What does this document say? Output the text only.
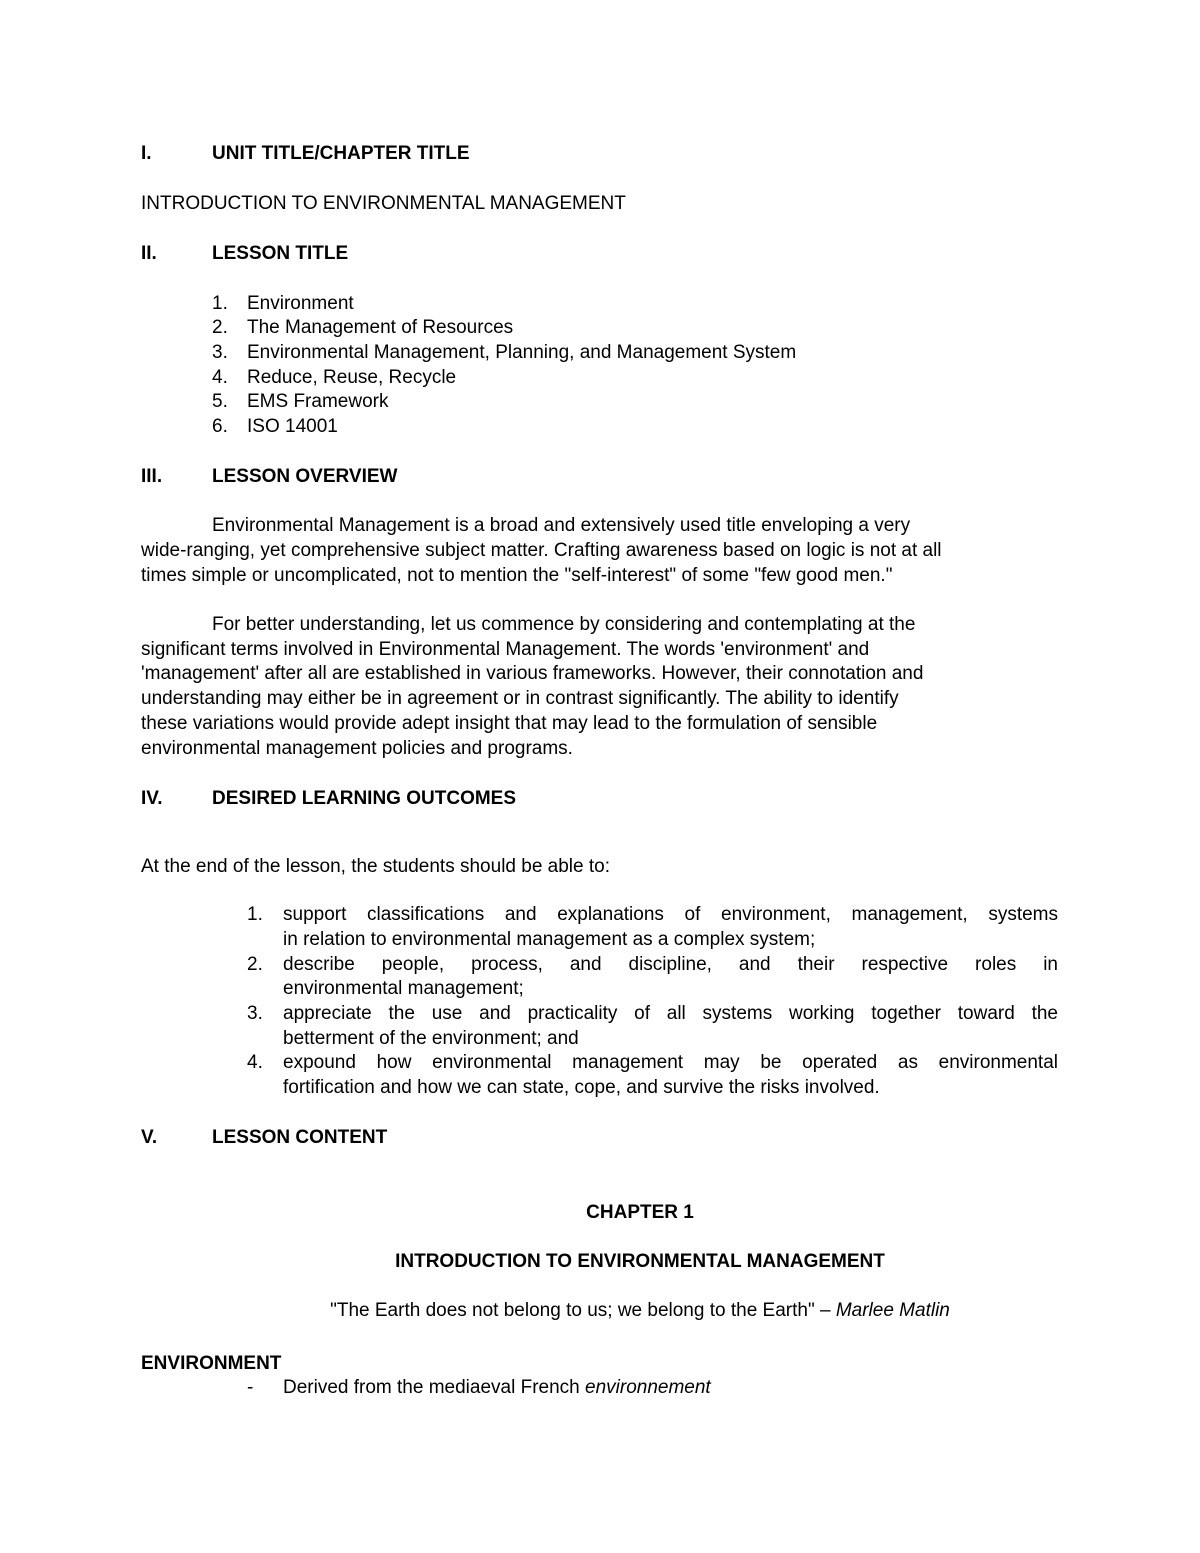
I.	UNIT TITLE/CHAPTER TITLE
INTRODUCTION TO ENVIRONMENTAL MANAGEMENT
II.	LESSON TITLE
1. Environment
2. The Management of Resources
3. Environmental Management, Planning, and Management System
4. Reduce, Reuse, Recycle
5. EMS Framework
6. ISO 14001
III.	LESSON OVERVIEW
Environmental Management is a broad and extensively used title enveloping a very
wide-ranging, yet comprehensive subject matter. Crafting awareness based on logic is not at all
times simple or uncomplicated, not to mention the "self-interest" of some "few good men."
For better understanding, let us commence by considering and contemplating at the
significant terms involved in Environmental Management. The words 'environment' and
'management' after all are established in various frameworks. However, their connotation and
understanding may either be in agreement or in contrast significantly. The ability to identify
these variations would provide adept insight that may lead to the formulation of sensible
environmental management policies and programs.
IV.	DESIRED LEARNING OUTCOMES
At the end of the lesson, the students should be able to:
1. support classifications and explanations of environment, management, systems
in relation to environmental management as a complex system;
2. describe people, process, and discipline, and their respective roles in
environmental management;
3. appreciate the use and practicality of all systems working together toward the
betterment of the environment; and
4. expound how environmental management may be operated as environmental
fortification and how we can state, cope, and survive the risks involved.
V.	LESSON CONTENT
CHAPTER 1
INTRODUCTION TO ENVIRONMENTAL MANAGEMENT
"The Earth does not belong to us; we belong to the Earth" – Marlee Matlin
ENVIRONMENT
- Derived from the mediaeval French environnement
